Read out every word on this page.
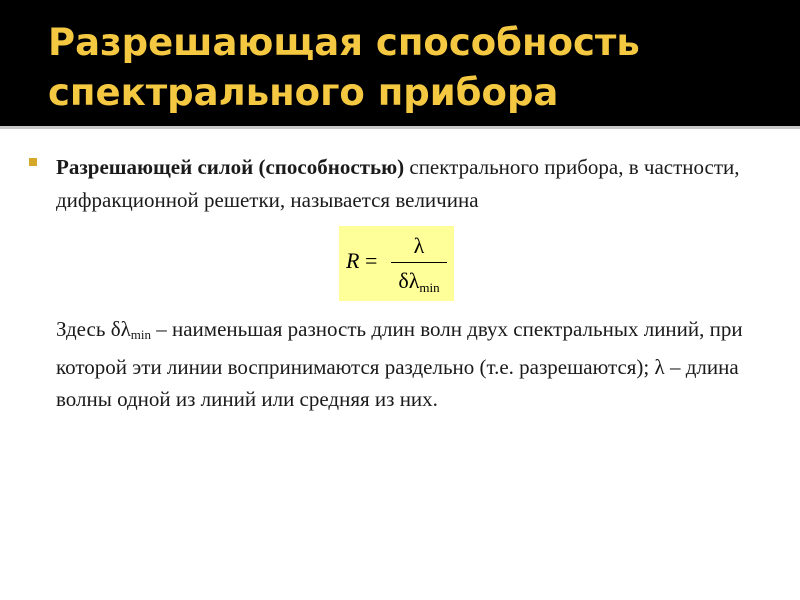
Разрешающая способность спектрального прибора

Разрешающей силой (способностью) спектрального прибора, в частности, дифракционной решетки, называется величина

R =
λ
$\delta\lambda_{min}$

Здесь $\delta\lambda_{min}$ – наименьшая разность длин волн двух спектральных линий, при которой эти линии воспринимаются раздельно (т.е. разрешаются); λ – длина волны одной из линий или средняя из них.
